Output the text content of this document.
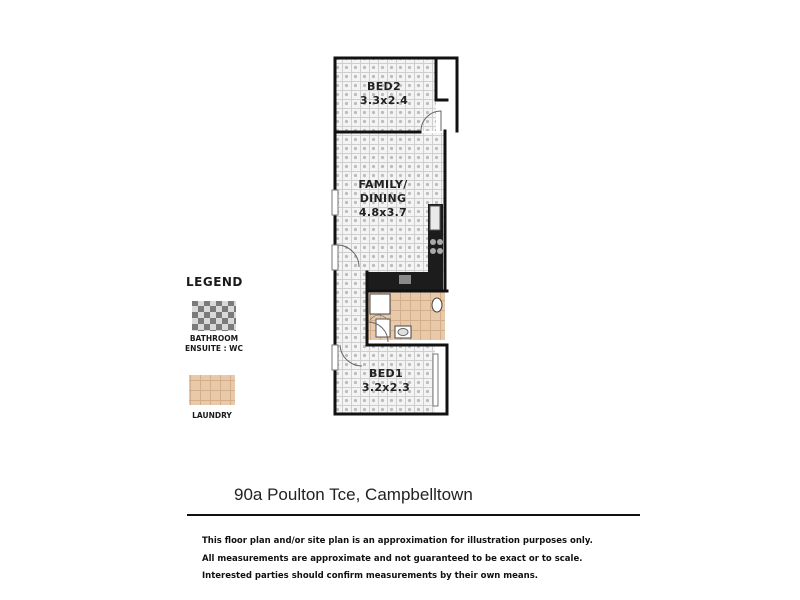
BED2
3.3x2.4
FAMILY/
DINING
4.8x3.7
BED1
3.2x2.3
LEGEND
BATHROOM
ENSUITE : WC
LAUNDRY
90a Poulton Tce, Campbelltown
This floor plan and/or site plan is an approximation for illustration purposes only.
All measurements are approximate and not guaranteed to be exact or to scale.
Interested parties should confirm measurements by their own means.
